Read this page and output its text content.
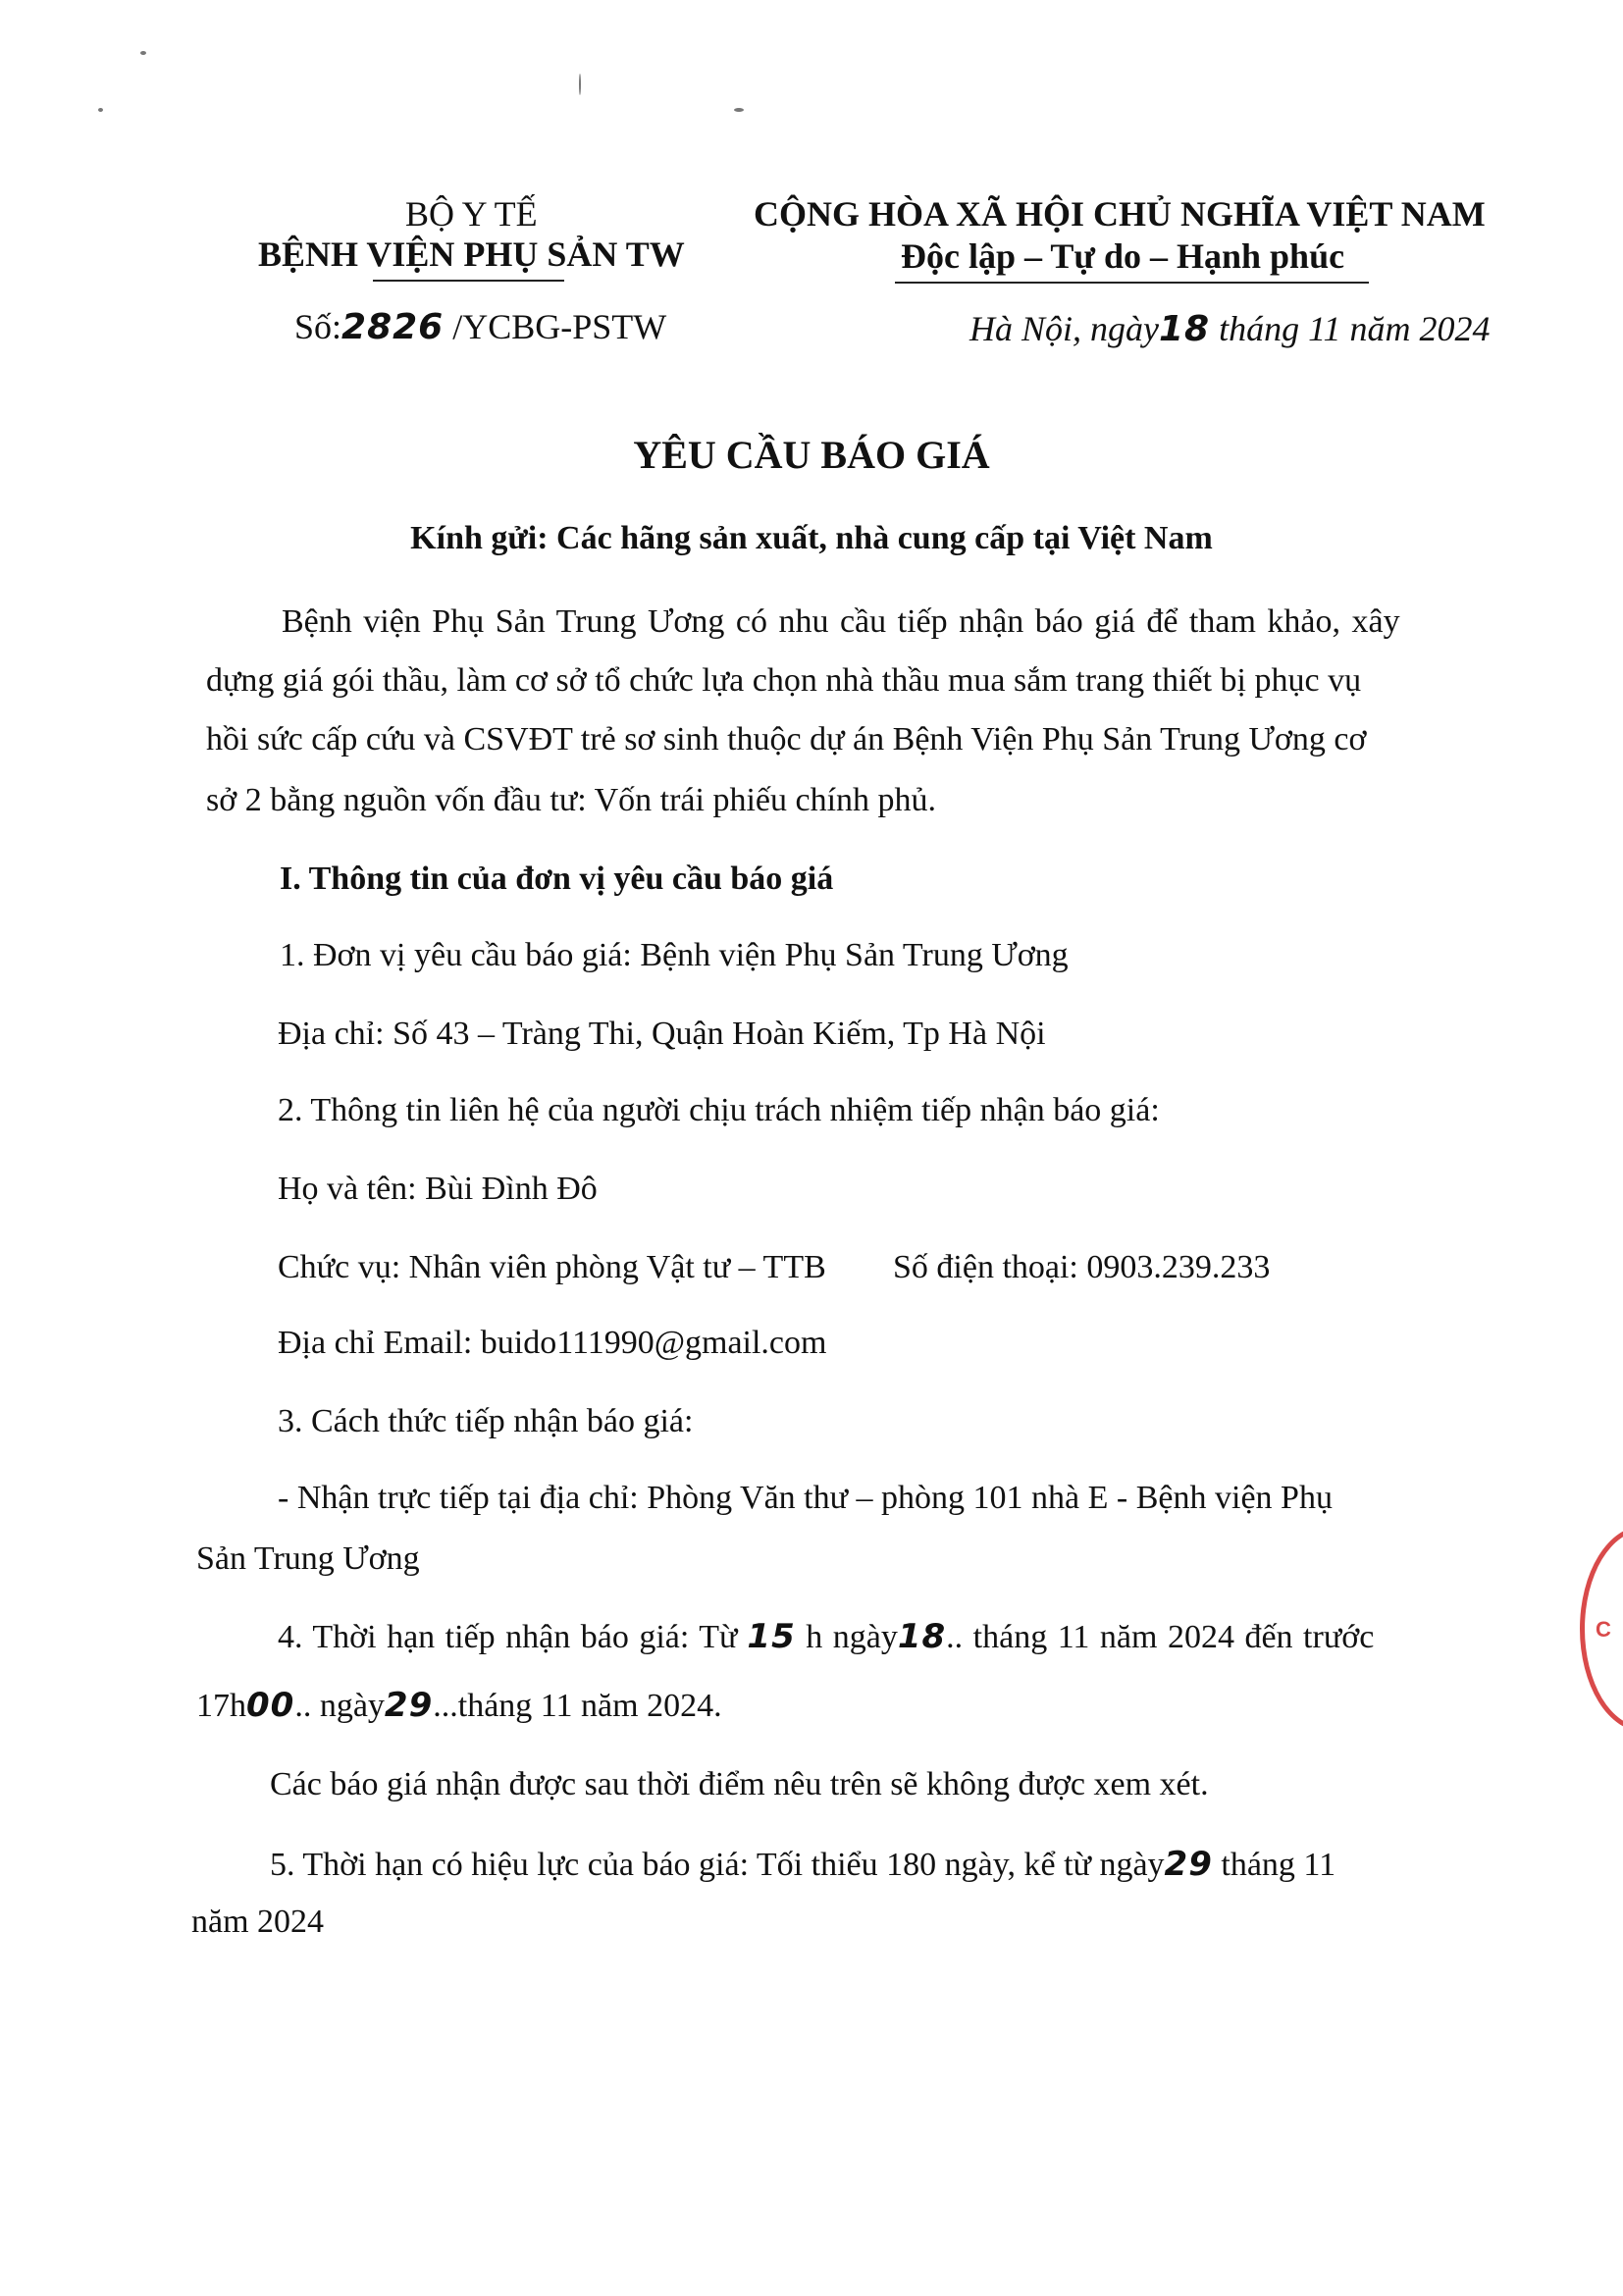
BỘ Y TẾ
BỆNH VIỆN PHỤ SẢN TW
Số:2826 /YCBG-PSTW
CỘNG HÒA XÃ HỘI CHỦ NGHĨA VIỆT NAM
Độc lập – Tự do – Hạnh phúc
Hà Nội, ngày18 tháng 11 năm 2024
YÊU CẦU BÁO GIÁ
Kính gửi: Các hãng sản xuất, nhà cung cấp tại Việt Nam
Bệnh viện Phụ Sản Trung Ương có nhu cầu tiếp nhận báo giá để tham khảo, xây
dựng giá gói thầu, làm cơ sở tổ chức lựa chọn nhà thầu mua sắm trang thiết bị phục vụ
hồi sức cấp cứu và CSVĐT trẻ sơ sinh thuộc dự án Bệnh Viện Phụ Sản Trung Ương cơ
sở 2 bằng nguồn vốn đầu tư: Vốn trái phiếu chính phủ.
I. Thông tin của đơn vị yêu cầu báo giá
1. Đơn vị yêu cầu báo giá: Bệnh viện Phụ Sản Trung Ương
Địa chỉ: Số 43 – Tràng Thi, Quận Hoàn Kiếm, Tp Hà Nội
2. Thông tin liên hệ của người chịu trách nhiệm tiếp nhận báo giá:
Họ và tên: Bùi Đình Đô
Chức vụ: Nhân viên phòng Vật tư – TTB Số điện thoại: 0903.239.233
Địa chỉ Email: buido111990@gmail.com
3. Cách thức tiếp nhận báo giá:
- Nhận trực tiếp tại địa chỉ: Phòng Văn thư – phòng 101 nhà E - Bệnh viện Phụ
Sản Trung Ương
4. Thời hạn tiếp nhận báo giá: Từ 15 h ngày18.. tháng 11 năm 2024 đến trước
17h00.. ngày29...tháng 11 năm 2024.
Các báo giá nhận được sau thời điểm nêu trên sẽ không được xem xét.
5. Thời hạn có hiệu lực của báo giá: Tối thiểu 180 ngày, kể từ ngày29 tháng 11
năm 2024
C
